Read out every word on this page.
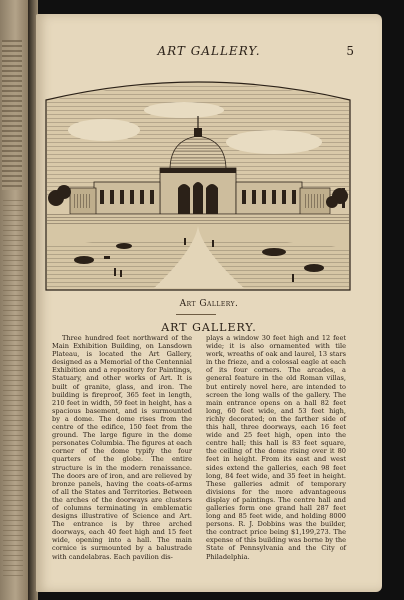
ART GALLERY.	5
Art Gallery.
ART GALLERY.

Three hundred feet northward of the Main Exhibition Building, on Lansdown Plateau, is located the Art Gallery, designed as a Memorial of the Centennial Exhibition and a repository for Paintings, Statuary, and other works of Art. It is built of granite, glass, and iron. The building is fireproof, 365 feet in length, 210 feet in width, 59 feet in height, has a spacious basement, and is surmounted by a dome. The dome rises from the centre of the edifice, 150 feet from the ground. The large figure in the dome personates Columbia. The figures at each corner of the dome typify the four quarters of the globe. The entire structure is in the modern renaissance. The doors are of iron, and are relieved by bronze panels, having the coats-of-arms of all the States and Territories. Between the arches of the doorways are clusters of columns terminating in emblematic designs illustrative of Science and Art. The entrance is by three arched doorways, each 40 feet high and 15 feet wide, opening into a hall. The main cornice is surmounted by a balustrade with candelabras. Each pavilion dis-

plays a window 30 feet high and 12 feet wide; it is also ornamented with tile work, wreaths of oak and laurel, 13 stars in the frieze, and a colossal eagle at each of its four corners. The arcades, a general feature in the old Roman villas, but entirely novel here, are intended to screen the long walls of the gallery. The main entrance opens on a hall 82 feet long, 60 feet wide, and 53 feet high, richly decorated; on the farther side of this hall, three doorways, each 16 feet wide and 25 feet high, open into the centre hall; this hall is 83 feet square, the ceiling of the dome rising over it 80 feet in height. From its east and west sides extend the galleries, each 98 feet long, 84 feet wide, and 35 feet in height. These galleries admit of temporary divisions for the more advantageous display of paintings. The centre hall and galleries form one grand hall 287 feet long and 85 feet wide, and holding 8000 persons. R. J. Dobbins was the builder, the contract price being $1,199,273. The expense of this building was borne by the State of Pennsylvania and the City of Philadelphia.
